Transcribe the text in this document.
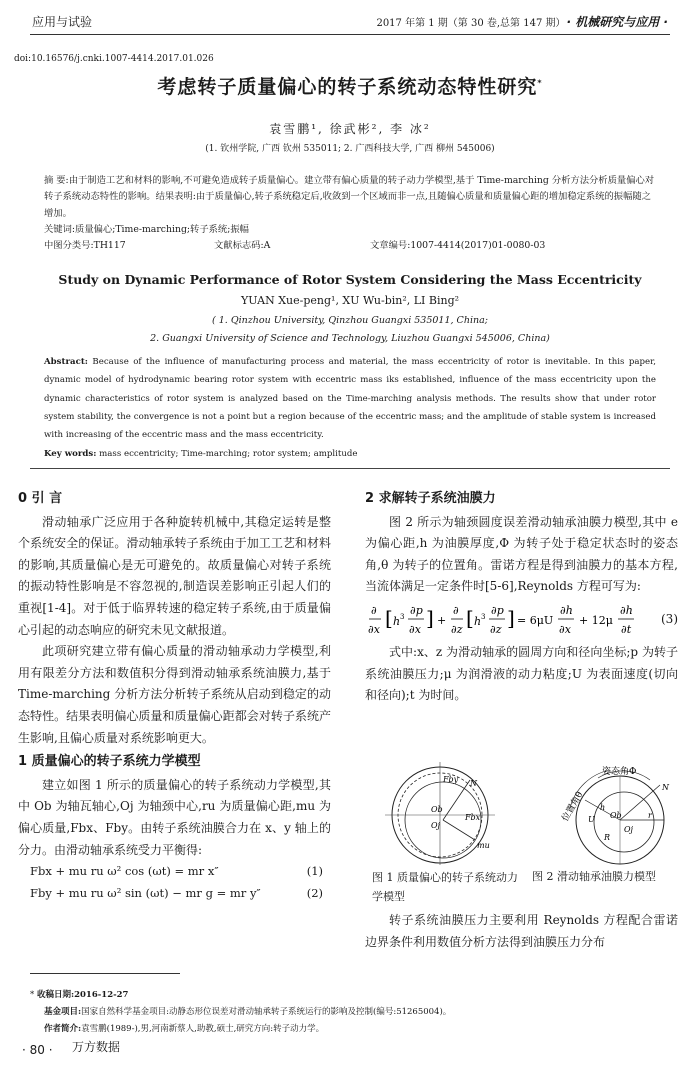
应用与试验	2017 年第 1 期（第 30 卷,总第 147 期） · 机械研究与应用 ·
doi:10.16576/j.cnki.1007-4414.2017.01.026
考虑转子质量偏心的转子系统动态特性研究*
袁雪鹏¹, 徐武彬², 李 冰²
(1. 钦州学院, 广西 钦州 535011; 2. 广西科技大学, 广西 柳州 545006)
摘 要:由于制造工艺和材料的影响,不可避免造成转子质量偏心。建立带有偏心质量的转子动力学模型,基于 Time-marching 分析方法分析质量偏心对转子系统动态特性的影响。结果表明:由于质量偏心,转子系统稳定后,收敛到一个区域而非一点,且随偏心质量和质量偏心距的增加稳定系统的振幅随之增加。
关键词:质量偏心;Time-marching;转子系统;振幅
中图分类号:TH117	文献标志码:A	文章编号:1007-4414(2017)01-0080-03
Study on Dynamic Performance of Rotor System Considering the Mass Eccentricity
YUAN Xue-peng¹, XU Wu-bin², LI Bing²
( 1. Qinzhou University, Qinzhou Guangxi 535011, China;
2. Guangxi University of Science and Technology, Liuzhou Guangxi 545006, China)
Abstract: Because of the influence of manufacturing process and material, the mass eccentricity of rotor is inevitable. In this paper, dynamic model of hydrodynamic bearing rotor system with eccentric mass iks established, influence of the mass eccentricity upon the dynamic characteristics of rotor system is analyzed based on the Time-marching analysis methods. The results show that under rotor system stability, the convergence is not a point but a region because of the eccentric mass; and the amplitude of stable system is increased with increasing of the eccentric mass and the mass eccentricity.
Key words: mass eccentricity; Time-marching; rotor system; amplitude

0 引 言

滑动轴承广泛应用于各种旋转机械中,其稳定运转是整个系统安全的保证。滑动轴承转子系统由于加工工艺和材料的影响,其质量偏心是无可避免的。故质量偏心对转子系统的振动特性影响是不容忽视的,制造误差影响正引起人们的重视[1-4]。对于低于临界转速的稳定转子系统,由于质量偏心引起的动态响应的研究未见文献报道。

此项研究建立带有偏心质量的滑动轴承动力学模型,利用有限差分方法和数值积分得到滑动轴承系统油膜力,基于 Time-marching 分析方法分析转子系统从启动到稳定的动态特性。结果表明偏心质量和质量偏心距都会对转子系统产生影响,且偏心质量对系统影响更大。

1 质量偏心的转子系统力学模型

建立如图 1 所示的质量偏心的转子系统动力学模型,其中 Ob 为轴瓦轴心,Oj 为轴颈中心,ru 为质量偏心距,mu 为偏心质量,Fbx、Fby。由转子系统油膜合力在 x、y 轴上的分力。由滑动轴承系统受力平衡得:

Fbx + mu ru ω² cos (ωt) = mr x″	(1)
Fby + mu ru ω² sin (ωt) − mr g = mr y″	(2)

2 求解转子系统油膜力

图 2 所示为轴颈圆度误差滑动轴承油膜力模型,其中 e 为偏心距,h 为油膜厚度,Φ 为转子处于稳定状态时的姿态角,θ 为转子的位置角。雷诺方程是得到油膜力的基本方程,当流体满足一定条件时[5-6],Reynolds 方程可写为:

∂
∂x [ h 3 ∂p
∂x ] +
∂
∂z [ h 3 ∂p
∂z ] = 6μU
∂h
∂x
+ 12μ
∂h
∂t
(3)

式中:x、z 为滑动轴承的圆周方向和径向坐标;p 为转子系统油膜压力;μ 为润滑液的动力粘度;U 为表面速度(切向和径向);t 为时间。

Ob
Oj
Fbx
N
Fby
mu
位置角θ
姿态角Φ
Ob
Oj
U
h
N
r
R
图 1 质量偏心的转子系统动力学模型
图 2 滑动轴承油膜力模型

转子系统油膜压力主要利用 Reynolds 方程配合雷诺边界条件利用数值分析方法得到油膜压力分布

* 收稿日期:2016-12-27
基金项目:国家自然科学基金项目:动静态形位误差对滑动轴承转子系统运行的影响及控制(编号:51265004)。
作者简介:袁雪鹏(1989-),男,河南新蔡人,助教,硕士,研究方向:转子动力学。
· 80 · 万方数据
